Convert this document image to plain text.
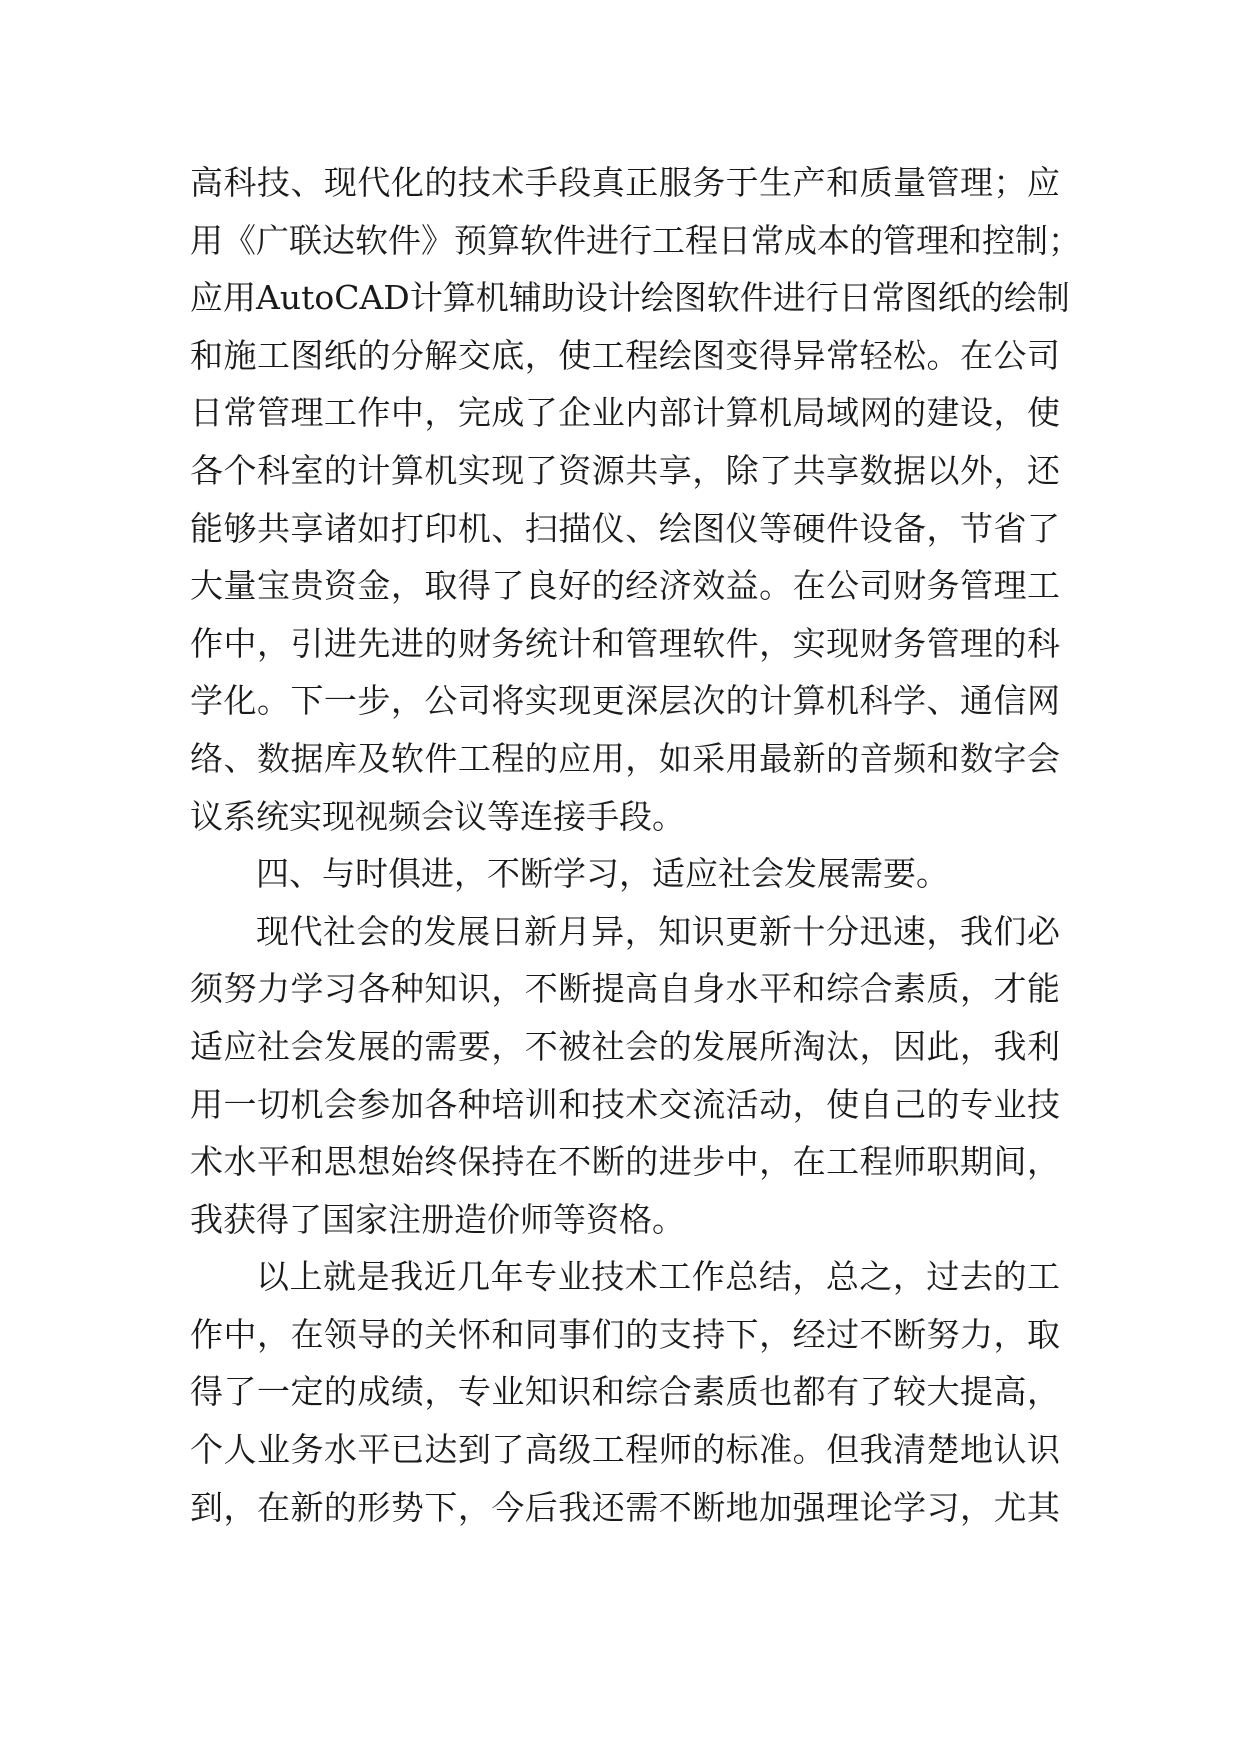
高科技、现代化的技术手段真正服务于生产和质量管理；应
用《广联达软件》预算软件进行工程日常成本的管理和控制；
应用AutoCAD计算机辅助设计绘图软件进行日常图纸的绘制
和施工图纸的分解交底，使工程绘图变得异常轻松。在公司
日常管理工作中，完成了企业内部计算机局域网的建设，使
各个科室的计算机实现了资源共享，除了共享数据以外，还
能够共享诸如打印机、扫描仪、绘图仪等硬件设备，节省了
大量宝贵资金，取得了良好的经济效益。在公司财务管理工
作中，引进先进的财务统计和管理软件，实现财务管理的科
学化。下一步，公司将实现更深层次的计算机科学、通信网
络、数据库及软件工程的应用，如采用最新的音频和数字会
议系统实现视频会议等连接手段。
四、与时俱进，不断学习，适应社会发展需要。
现代社会的发展日新月异，知识更新十分迅速，我们必
须努力学习各种知识，不断提高自身水平和综合素质，才能
适应社会发展的需要，不被社会的发展所淘汰，因此，我利
用一切机会参加各种培训和技术交流活动，使自己的专业技
术水平和思想始终保持在不断的进步中，在工程师职期间，
我获得了国家注册造价师等资格。
以上就是我近几年专业技术工作总结，总之，过去的工
作中，在领导的关怀和同事们的支持下，经过不断努力，取
得了一定的成绩，专业知识和综合素质也都有了较大提高，
个人业务水平已达到了高级工程师的标准。但我清楚地认识
到，在新的形势下，今后我还需不断地加强理论学习，尤其
